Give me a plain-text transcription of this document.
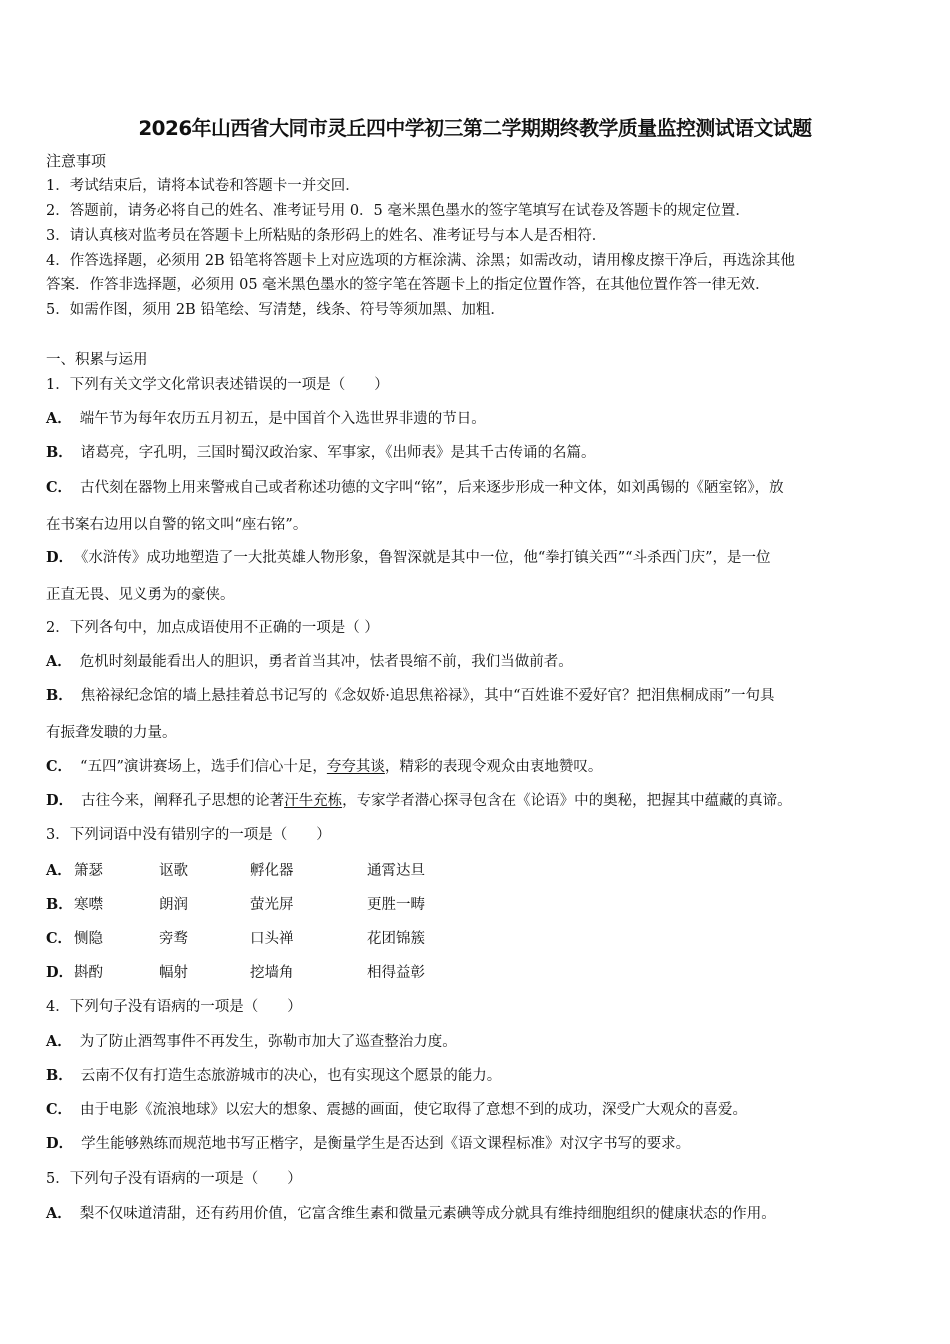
2026年山西省大同市灵丘四中学初三第二学期期终教学质量监控测试语文试题
注意事项
1．考试结束后，请将本试卷和答题卡一并交回．
2．答题前，请务必将自己的姓名、准考证号用 0．5 毫米黑色墨水的签字笔填写在试卷及答题卡的规定位置．
3．请认真核对监考员在答题卡上所粘贴的条形码上的姓名、准考证号与本人是否相符．
4．作答选择题，必须用 2B 铅笔将答题卡上对应选项的方框涂满、涂黑；如需改动，请用橡皮擦干净后，再选涂其他
答案．作答非选择题，必须用 05 毫米黑色墨水的签字笔在答题卡上的指定位置作答，在其他位置作答一律无效．
5．如需作图，须用 2B 铅笔绘、写清楚，线条、符号等须加黑、加粗．
一、积累与运用
1．下列有关文学文化常识表述错误的一项是（　　）
A． 端午节为每年农历五月初五，是中国首个入选世界非遗的节日。
B． 诸葛亮，字孔明，三国时蜀汉政治家、军事家，《出师表》是其千古传诵的名篇。
C． 古代刻在器物上用来警戒自己或者称述功德的文字叫“铭”，后来逐步形成一种文体，如刘禹锡的《陋室铭》，放
在书案右边用以自警的铭文叫“座右铭”。
D． 《水浒传》成功地塑造了一大批英雄人物形象，鲁智深就是其中一位，他“拳打镇关西”“斗杀西门庆”，是一位
正直无畏、见义勇为的豪侠。
2．下列各句中，加点成语使用不正确的一项是（ ）
A． 危机时刻最能看出人的胆识，勇者首当其冲，怯者畏缩不前，我们当做前者。
B． 焦裕禄纪念馆的墙上悬挂着总书记写的《念奴娇·追思焦裕禄》，其中“百姓谁不爱好官？把泪焦桐成雨”一句具
有振聋发聩的力量。
C． “五四”演讲赛场上，选手们信心十足，夸夸其谈，精彩的表现令观众由衷地赞叹。
D． 古往今来，阐释孔子思想的论著汗牛充栋，专家学者潜心探寻包含在《论语》中的奥秘，把握其中蕴藏的真谛。
3．下列词语中没有错别字的一项是（　　）
A． 箫瑟	讴歌	孵化器	通霄达旦
B． 寒噤	朗润	萤光屏	更胜一畴
C． 恻隐	旁骛	口头禅	花团锦簇
D． 斟酌	幅射	挖墙角	相得益彰
4．下列句子没有语病的一项是（　　）
A． 为了防止酒驾事件不再发生，弥勒市加大了巡查整治力度。
B． 云南不仅有打造生态旅游城市的决心，也有实现这个愿景的能力。
C． 由于电影《流浪地球》以宏大的想象、震撼的画面，使它取得了意想不到的成功，深受广大观众的喜爱。
D． 学生能够熟练而规范地书写正楷字，是衡量学生是否达到《语文课程标准》对汉字书写的要求。
5．下列句子没有语病的一项是（　　）
A． 梨不仅味道清甜，还有药用价值，它富含维生素和微量元素碘等成分就具有维持细胞组织的健康状态的作用。
